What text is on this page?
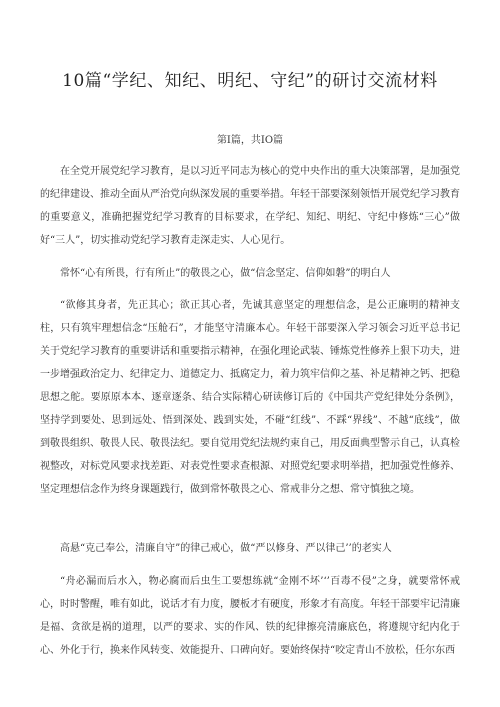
10篇“学纪、知纪、明纪、守纪”的研讨交流材料
第I篇，共IO篇

在全党开展党纪学习教育，是以习近平同志为核心的党中央作出的重大决策部署，是加强党的纪律建设、推动全面从严治党向纵深发展的重要举措。年轻干部要深刻领悟开展党纪学习教育的重要意义，准确把握党纪学习教育的目标要求，在学纪、知纪、明纪、守纪中修炼“三心”做好“三人”，切实推动党纪学习教育走深走实、人心见行。

常怀“心有所畏，行有所止”的敬畏之心，做“信念坚定、信仰如磐”的明白人

“欲修其身者，先正其心；欲正其心者，先诚其意坚定的理想信念，是公正廉明的精神支柱，只有筑牢理想信念“压舱石”，才能坚守清廉本心。年轻干部要深入学习领会习近平总书记关于党纪学习教育的重要讲话和重要指示精神，在强化理论武装、锤炼党性修养上狠下功夫，进一步增强政治定力、纪律定力、道德定力、抵腐定力，着力筑牢信仰之基、补足精神之钙、把稳思想之舵。要原原本本、逐章逐条、结合实际精心研读修订后的《中国共产党纪律处分条例》，坚持学到要处、思到远处、悟到深处、践到实处，不碰“红线”、不踩“界线”、不越“底线”，做到敬畏组织、敬畏人民、敬畏法纪。要自觉用党纪法规约束自己，用反面典型警示自己，认真检视整改，对标党风要求找差距、对表党性要求查根源、对照党纪要求明举措，把加强党性修养、坚定理想信念作为终身课题践行，做到常怀敬畏之心、常戒非分之想、常守慎独之境。

高悬“克己奉公，清廉自守”的律己戒心，做“严以修身、严以律己’’的老实人

“舟必漏而后水入，物必腐而后虫生工要想练就“金刚不坏’‘’百毒不侵”之身，就要常怀戒心，时时警醒，唯有如此，说话才有力度，腰板才有硬度，形象才有高度。年轻干部要牢记清廉是福、贪欲是祸的道理，以严的要求、实的作风、铁的纪律擦亮清廉底色，将遵规守纪内化于心、外化于行，换来作风转变、效能提升、口碑向好。要始终保持“咬定青山不放松，任尔东西
